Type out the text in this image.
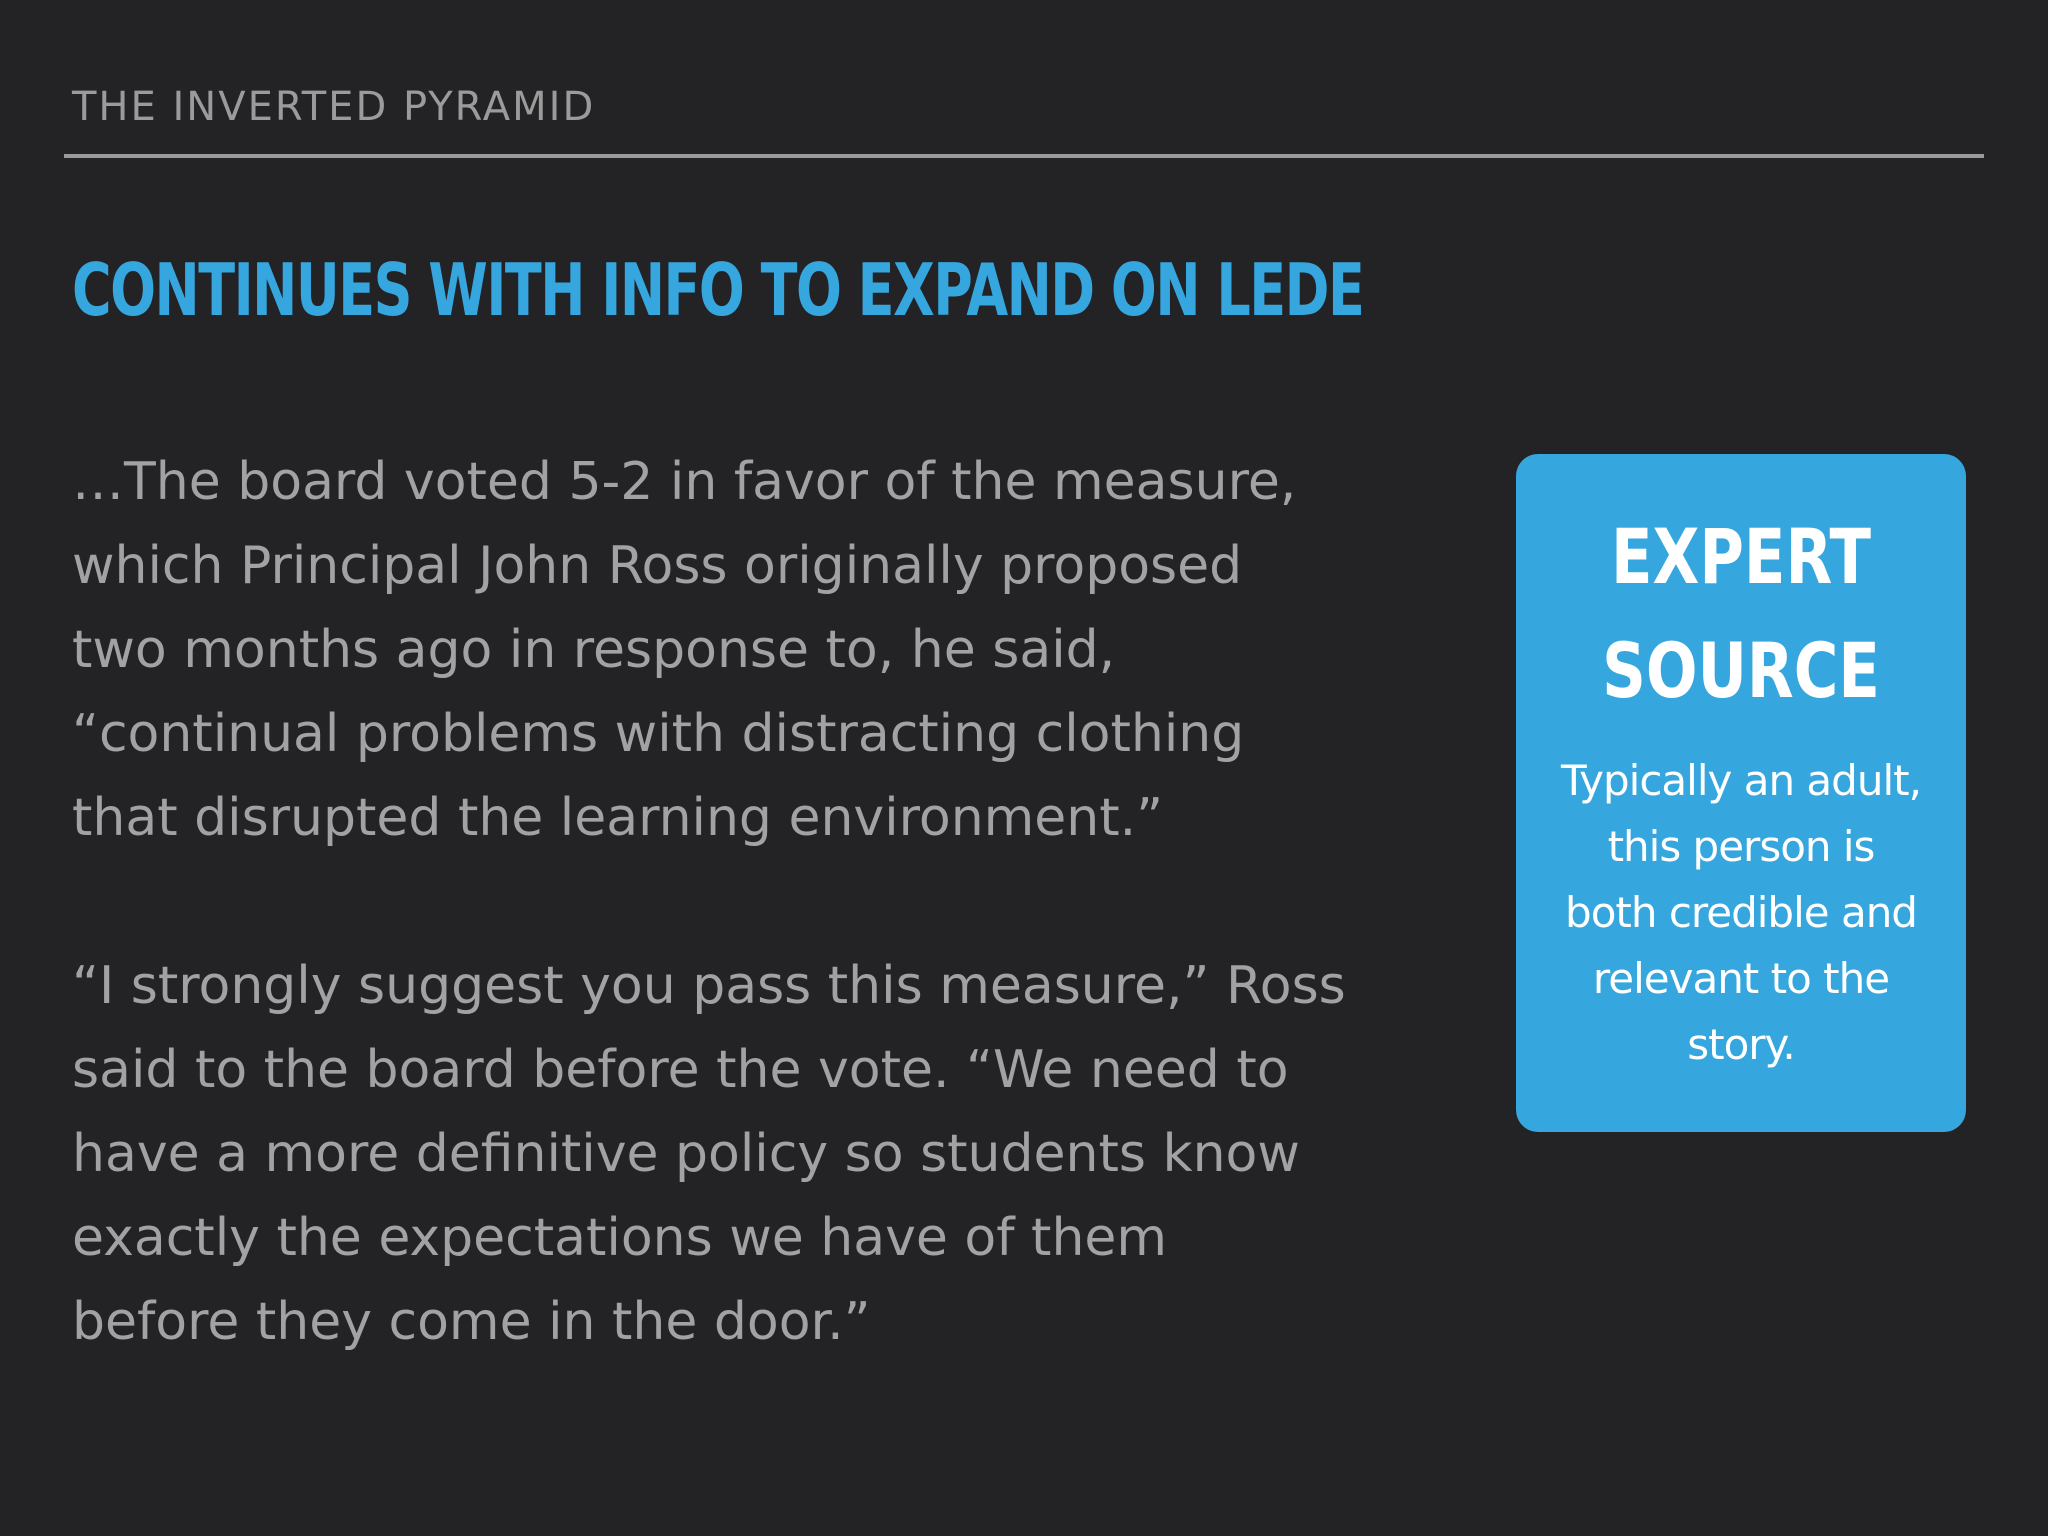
THE INVERTED PYRAMID
CONTINUES WITH INFO TO EXPAND ON LEDE
…The board voted 5-2 in favor of the measure,
which Principal John Ross originally proposed
two months ago in response to, he said,
“continual problems with distracting clothing
that disrupted the learning environment.”
“I strongly suggest you pass this measure,” Ross
said to the board before the vote. “We need to
have a more definitive policy so students know
exactly the expectations we have of them
before they come in the door.”
EXPERT
SOURCE
Typically an adult,
this person is
both credible and
relevant to the
story.
